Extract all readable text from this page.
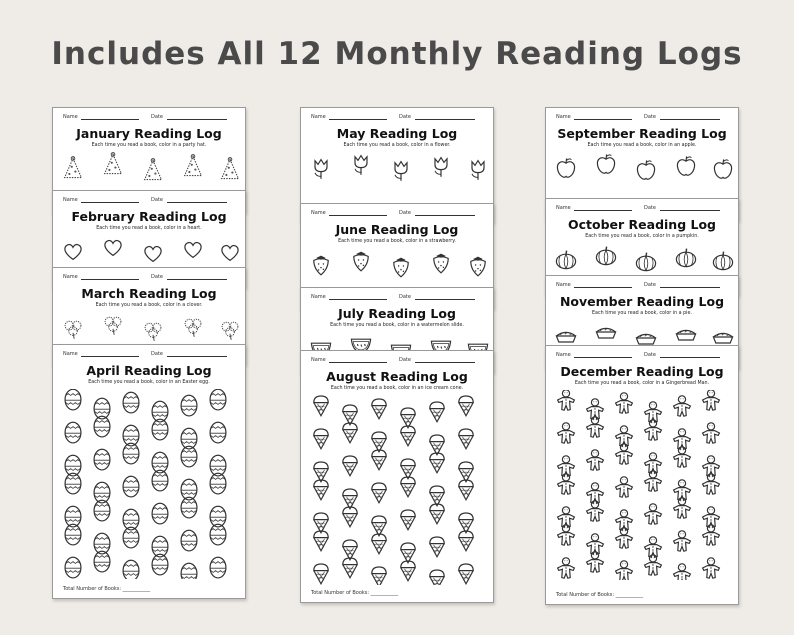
Includes All 12 Monthly Reading Logs
Name	Date
January Reading Log
Each time you read a book, color in a party hat.
Name	Date
February Reading Log
Each time you read a book, color in a heart.
Name	Date
March Reading Log
Each time you read a book, color in a clover.
Name	Date
April Reading Log
Each time you read a book, color in an Easter egg.
Total Number of Books: ___________
Name	Date
May Reading Log
Each time you read a book, color in a flower.
Name	Date
June Reading Log
Each time you read a book, color in a strawberry.
Name	Date
July Reading Log
Each time you read a book, color in a watermelon slide.
Name	Date
August Reading Log
Each time you read a book, color in an ice cream cone.
Total Number of Books: ___________
Name	Date
September Reading Log
Each time you read a book, color in an apple.
Name	Date
October Reading Log
Each time you read a book, color in a pumpkin.
Name	Date
November Reading Log
Each time you read a book, color in a pie.
Name	Date
December Reading Log
Each time you read a book, color in a Gingerbread Man.
Total Number of Books: ___________
